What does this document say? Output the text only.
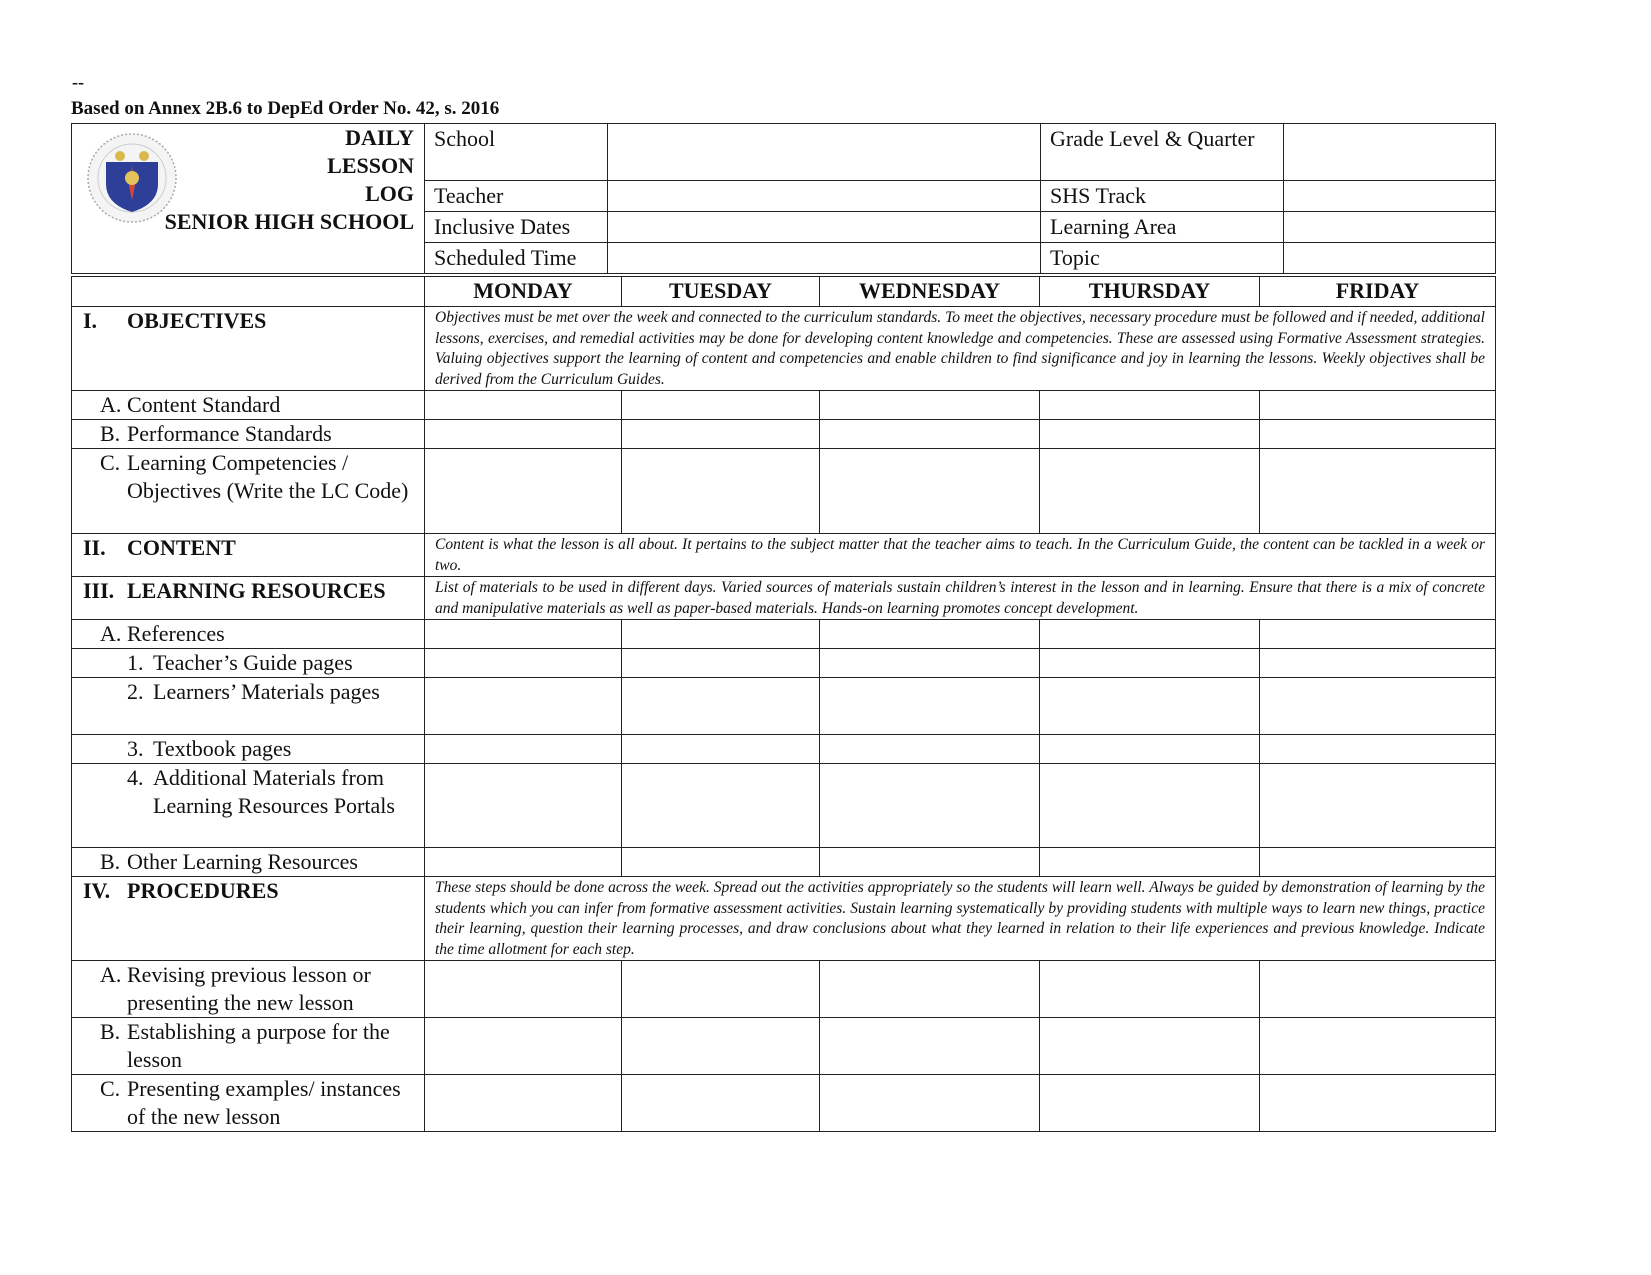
--
Based on Annex 2B.6 to DepEd Order No. 42, s. 2016
DAILY
LESSON
LOG
SENIOR HIGH SCHOOL	School		Grade Level & Quarter	
	Teacher		SHS Track	
	Inclusive Dates		Learning Area	
	Scheduled Time		Topic	
	MONDAY	TUESDAY	WEDNESDAY	THURSDAY	FRIDAY

I. OBJECTIVES	Objectives must be met over the week and connected to the curriculum standards. To meet the objectives, necessary procedure must be followed and if needed, additional lessons, exercises, and remedial activities may be done for developing content knowledge and competencies. These are assessed using Formative Assessment strategies. Valuing objectives support the learning of content and competencies and enable children to find significance and joy in learning the lessons. Weekly objectives shall be derived from the Curriculum Guides.				

A. Content Standard					

B. Performance Standards					

C. Learning Competencies / Objectives (Write the LC Code)					

II. CONTENT	Content is what the lesson is all about. It pertains to the subject matter that the teacher aims to teach. In the Curriculum Guide, the content can be tackled in a week or two.				

III. LEARNING RESOURCES	List of materials to be used in different days. Varied sources of materials sustain children’s interest in the lesson and in learning. Ensure that there is a mix of concrete and manipulative materials as well as paper-based materials. Hands-on learning promotes concept development.				

A. References					

1. Teacher’s Guide pages					

2. Learners’ Materials pages					

3. Textbook pages					

4. Additional Materials from Learning Resources Portals					

B. Other Learning Resources					

IV. PROCEDURES	These steps should be done across the week. Spread out the activities appropriately so the students will learn well. Always be guided by demonstration of learning by the students which you can infer from formative assessment activities. Sustain learning systematically by providing students with multiple ways to learn new things, practice their learning, question their learning processes, and draw conclusions about what they learned in relation to their life experiences and previous knowledge. Indicate the time allotment for each step.				

A. Revising previous lesson or presenting the new lesson					

B. Establishing a purpose for the lesson					

C. Presenting examples/ instances of the new lesson					
